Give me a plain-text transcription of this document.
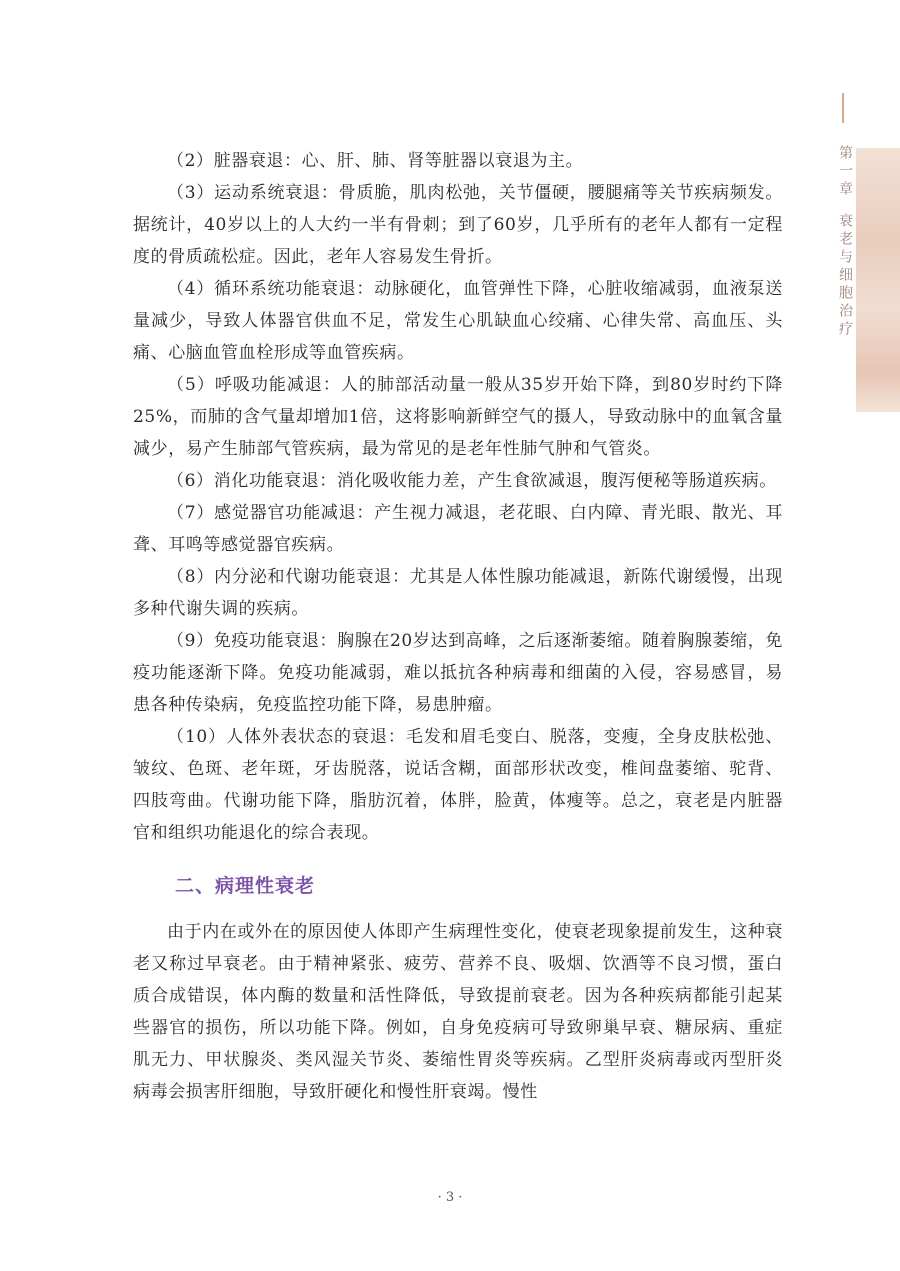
第一章衰老与细胞治疗

（2）脏器衰退：心、肝、肺、肾等脏器以衰退为主。

（3）运动系统衰退：骨质脆，肌肉松弛，关节僵硬，腰腿痛等关节疾病频发。据统计，40岁以上的人大约一半有骨刺；到了60岁，几乎所有的老年人都有一定程度的骨质疏松症。因此，老年人容易发生骨折。

（4）循环系统功能衰退：动脉硬化，血管弹性下降，心脏收缩减弱，血液泵送量减少，导致人体器官供血不足，常发生心肌缺血心绞痛、心律失常、高血压、头痛、心脑血管血栓形成等血管疾病。

（5）呼吸功能减退：人的肺部活动量一般从35岁开始下降，到80岁时约下降25%，而肺的含气量却增加1倍，这将影响新鲜空气的摄人，导致动脉中的血氧含量减少，易产生肺部气管疾病，最为常见的是老年性肺气肿和气管炎。

（6）消化功能衰退：消化吸收能力差，产生食欲减退，腹泻便秘等肠道疾病。

（7）感觉器官功能减退：产生视力减退，老花眼、白内障、青光眼、散光、耳聋、耳鸣等感觉器官疾病。

（8）内分泌和代谢功能衰退：尤其是人体性腺功能减退，新陈代谢缓慢，出现多种代谢失调的疾病。

（9）免疫功能衰退：胸腺在20岁达到高峰，之后逐渐萎缩。随着胸腺萎缩，免疫功能逐渐下降。免疫功能减弱，难以抵抗各种病毒和细菌的入侵，容易感冒，易患各种传染病，免疫监控功能下降，易患肿瘤。

（10）人体外表状态的衰退：毛发和眉毛变白、脱落，变瘦，全身皮肤松弛、皱纹、色斑、老年斑，牙齿脱落，说话含糊，面部形状改变，椎间盘萎缩、驼背、四肢弯曲。代谢功能下降，脂肪沉着，体胖，脸黄，体瘦等。总之，衰老是内脏器官和组织功能退化的综合表现。

二、病理性衰老

由于内在或外在的原因使人体即产生病理性变化，使衰老现象提前发生，这种衰老又称过早衰老。由于精神紧张、疲劳、营养不良、吸烟、饮酒等不良习惯，蛋白质合成错误，体内酶的数量和活性降低，导致提前衰老。因为各种疾病都能引起某些器官的损伤，所以功能下降。例如，自身免疫病可导致卵巢早衰、糖尿病、重症肌无力、甲状腺炎、类风湿关节炎、萎缩性胃炎等疾病。乙型肝炎病毒或丙型肝炎病毒会损害肝细胞，导致肝硬化和慢性肝衰竭。慢性

· 3 ·
